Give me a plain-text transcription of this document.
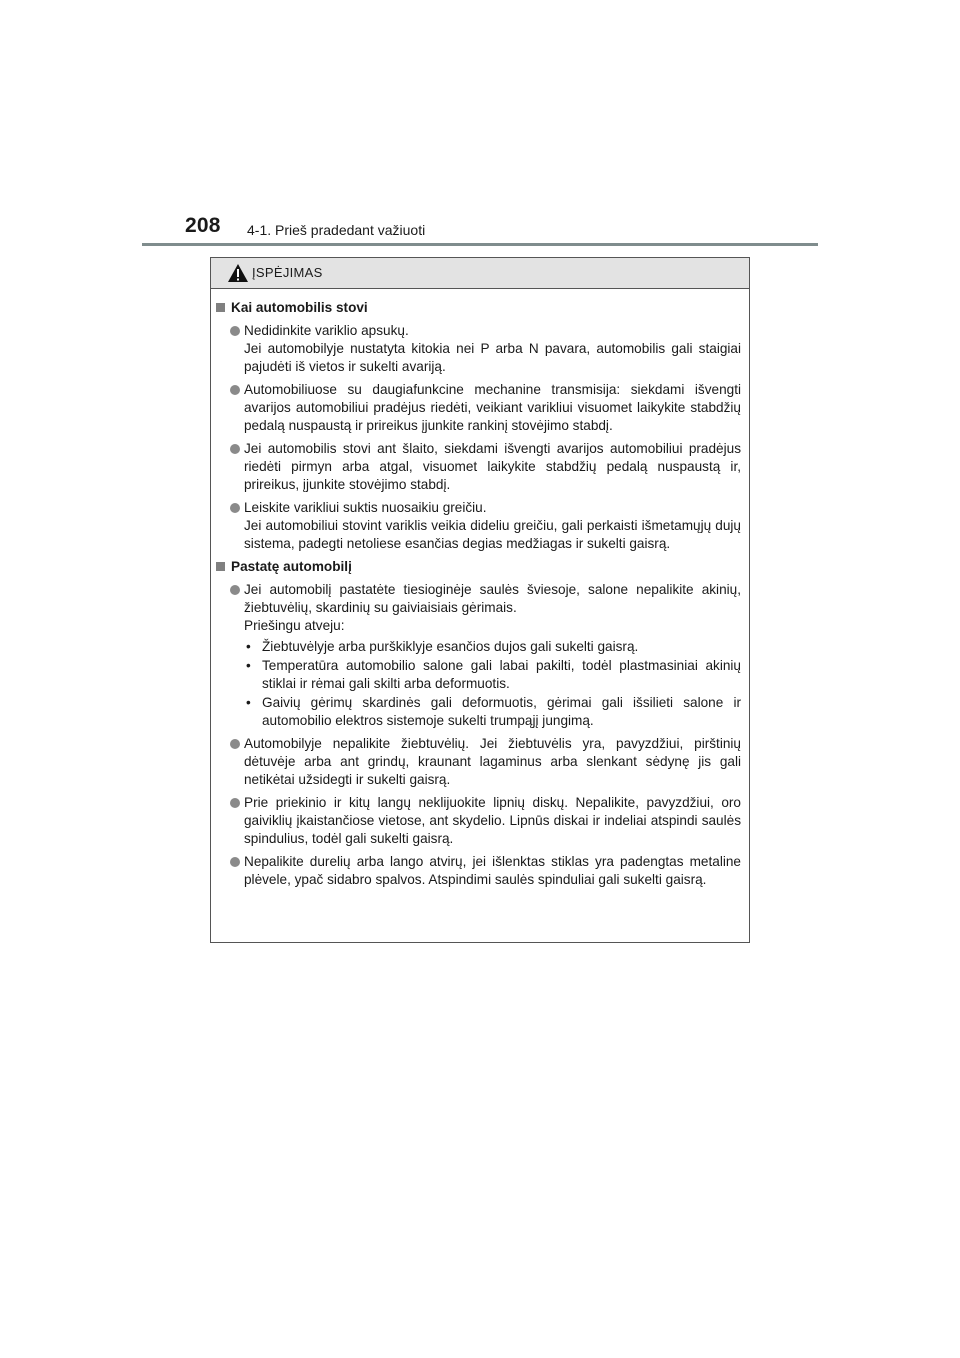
208 4-1. Prieš pradedant važiuoti
ĮSPĖJIMAS
Kai automobilis stovi

Nedidinkite variklio apsukų.

Jei automobilyje nustatyta kitokia nei P arba N pavara, automobilis gali staigiai pajudėti iš vietos ir sukelti avariją.

Automobiliuose su daugiafunkcine mechanine transmisija: siekdami išvengti avarijos automobiliui pradėjus riedėti, veikiant varikliui visuomet laikykite stabdžių pedalą nuspaustą ir prireikus įjunkite rankinį stovėjimo stabdį.

Jei automobilis stovi ant šlaito, siekdami išvengti avarijos automobiliui pradėjus riedėti pirmyn arba atgal, visuomet laikykite stabdžių pedalą nuspaustą ir, prireikus, įjunkite stovėjimo stabdį.

Leiskite varikliui suktis nuosaikiu greičiu.

Jei automobiliui stovint variklis veikia dideliu greičiu, gali perkaisti išmetamųjų dujų sistema, padegti netoliese esančias degias medžiagas ir sukelti gaisrą.

Pastatę automobilį

Jei automobilį pastatėte tiesioginėje saulės šviesoje, salone nepalikite akinių, žiebtuvėlių, skardinių su gaiviaisiais gėrimais.

Priešingu atveju:

• Žiebtuvėlyje arba purškiklyje esančios dujos gali sukelti gaisrą.
• Temperatūra automobilio salone gali labai pakilti, todėl plastmasiniai akinių stiklai ir rėmai gali skilti arba deformuotis.
• Gaivių gėrimų skardinės gali deformuotis, gėrimai gali išsilieti salone ir automobilio elektros sistemoje sukelti trumpąjį jungimą.

Automobilyje nepalikite žiebtuvėlių. Jei žiebtuvėlis yra, pavyzdžiui, pirštinių dėtuvėje arba ant grindų, kraunant lagaminus arba slenkant sėdynę jis gali netikėtai užsidegti ir sukelti gaisrą.

Prie priekinio ir kitų langų neklijuokite lipnių diskų. Nepalikite, pavyzdžiui, oro gaiviklių įkaistančiose vietose, ant skydelio. Lipnūs diskai ir indeliai atspindi saulės spindulius, todėl gali sukelti gaisrą.

Nepalikite durelių arba lango atvirų, jei išlenktas stiklas yra padengtas metaline plėvele, ypač sidabro spalvos. Atspindimi saulės spinduliai gali sukelti gaisrą.
